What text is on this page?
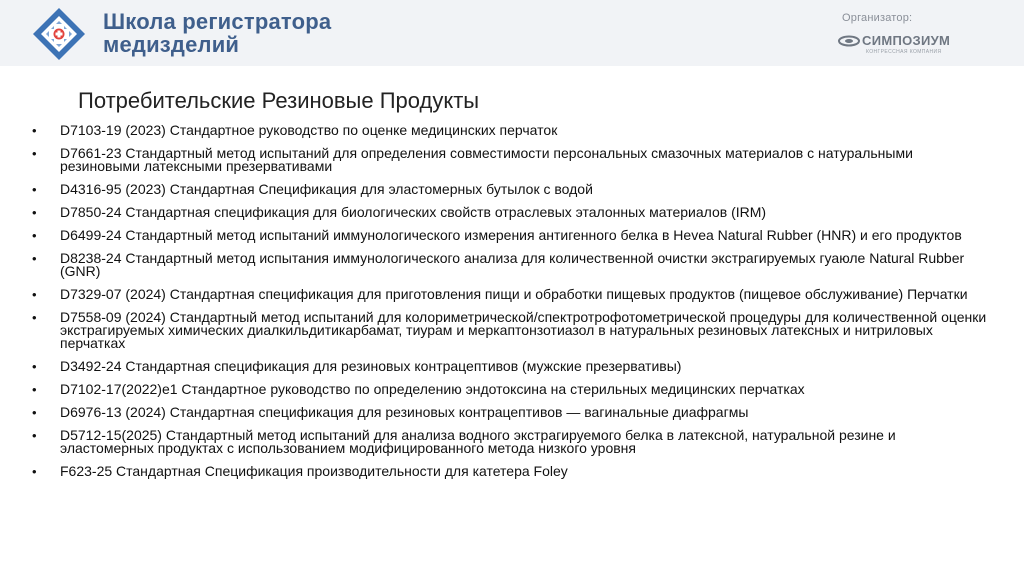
Школа регистратора
медизделий
Организатор:
СИМПОЗИУМ
КОНГРЕССНАЯ КОМПАНИЯ
Потребительские Резиновые Продукты
• D7103-19 (2023) Стандартное руководство по оценке медицинских перчаток
• D7661-23 Стандартный метод испытаний для определения совместимости персональных смазочных материалов с натуральными резиновыми латексными презервативами
• D4316-95 (2023) Стандартная Спецификация для эластомерных бутылок с водой
• D7850-24 Стандартная спецификация для биологических свойств отраслевых эталонных материалов (IRM)
• D6499-24 Стандартный метод испытаний иммунологического измерения антигенного белка в Hevea Natural Rubber (HNR) и его продуктов
• D8238-24 Стандартный метод испытания иммунологического анализа для количественной очистки экстрагируемых гуаюле Natural Rubber (GNR)
• D7329-07 (2024) Стандартная спецификация для приготовления пищи и обработки пищевых продуктов (пищевое обслуживание) Перчатки
• D7558-09 (2024) Стандартный метод испытаний для колориметрической/спектротрофотометрической процедуры для количественной оценки экстрагируемых химических диалкильдитикарбамат, тиурам и меркаптонзотиазол в натуральных резиновых латексных и нитриловых перчатках
• D3492-24 Стандартная спецификация для резиновых контрацептивов (мужские презервативы)
• D7102-17(2022)e1 Стандартное руководство по определению эндотоксина на стерильных медицинских перчатках
• D6976-13 (2024) Стандартная спецификация для резиновых контрацептивов — вагинальные диафрагмы
• D5712-15(2025) Стандартный метод испытаний для анализа водного экстрагируемого белка в латексной, натуральной резине и эластомерных продуктах с использованием модифицированного метода низкого уровня
• F623-25 Стандартная Спецификация производительности для катетера Foley
